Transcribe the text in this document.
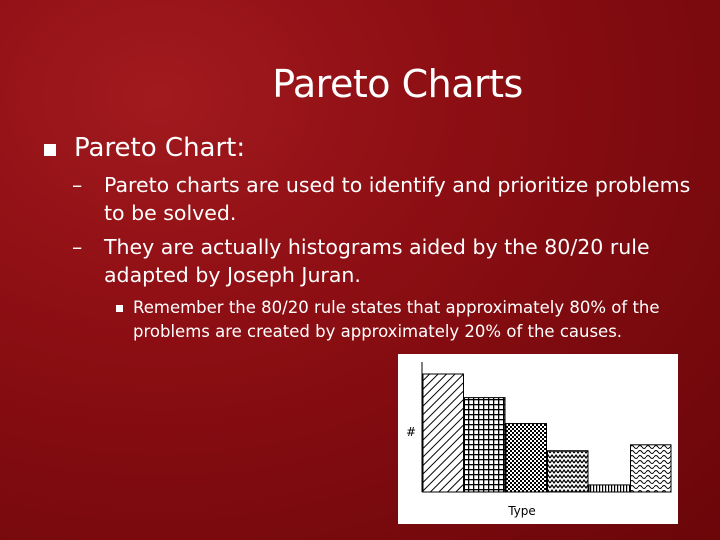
Pareto Charts
Pareto Chart:
– Pareto charts are used to identify and prioritize problems to be solved.
– They are actually histograms aided by the 80/20 rule adapted by Joseph Juran.
Remember the 80/20 rule states that approximately 80% of the problems are created by approximately 20% of the causes.
#
Type
